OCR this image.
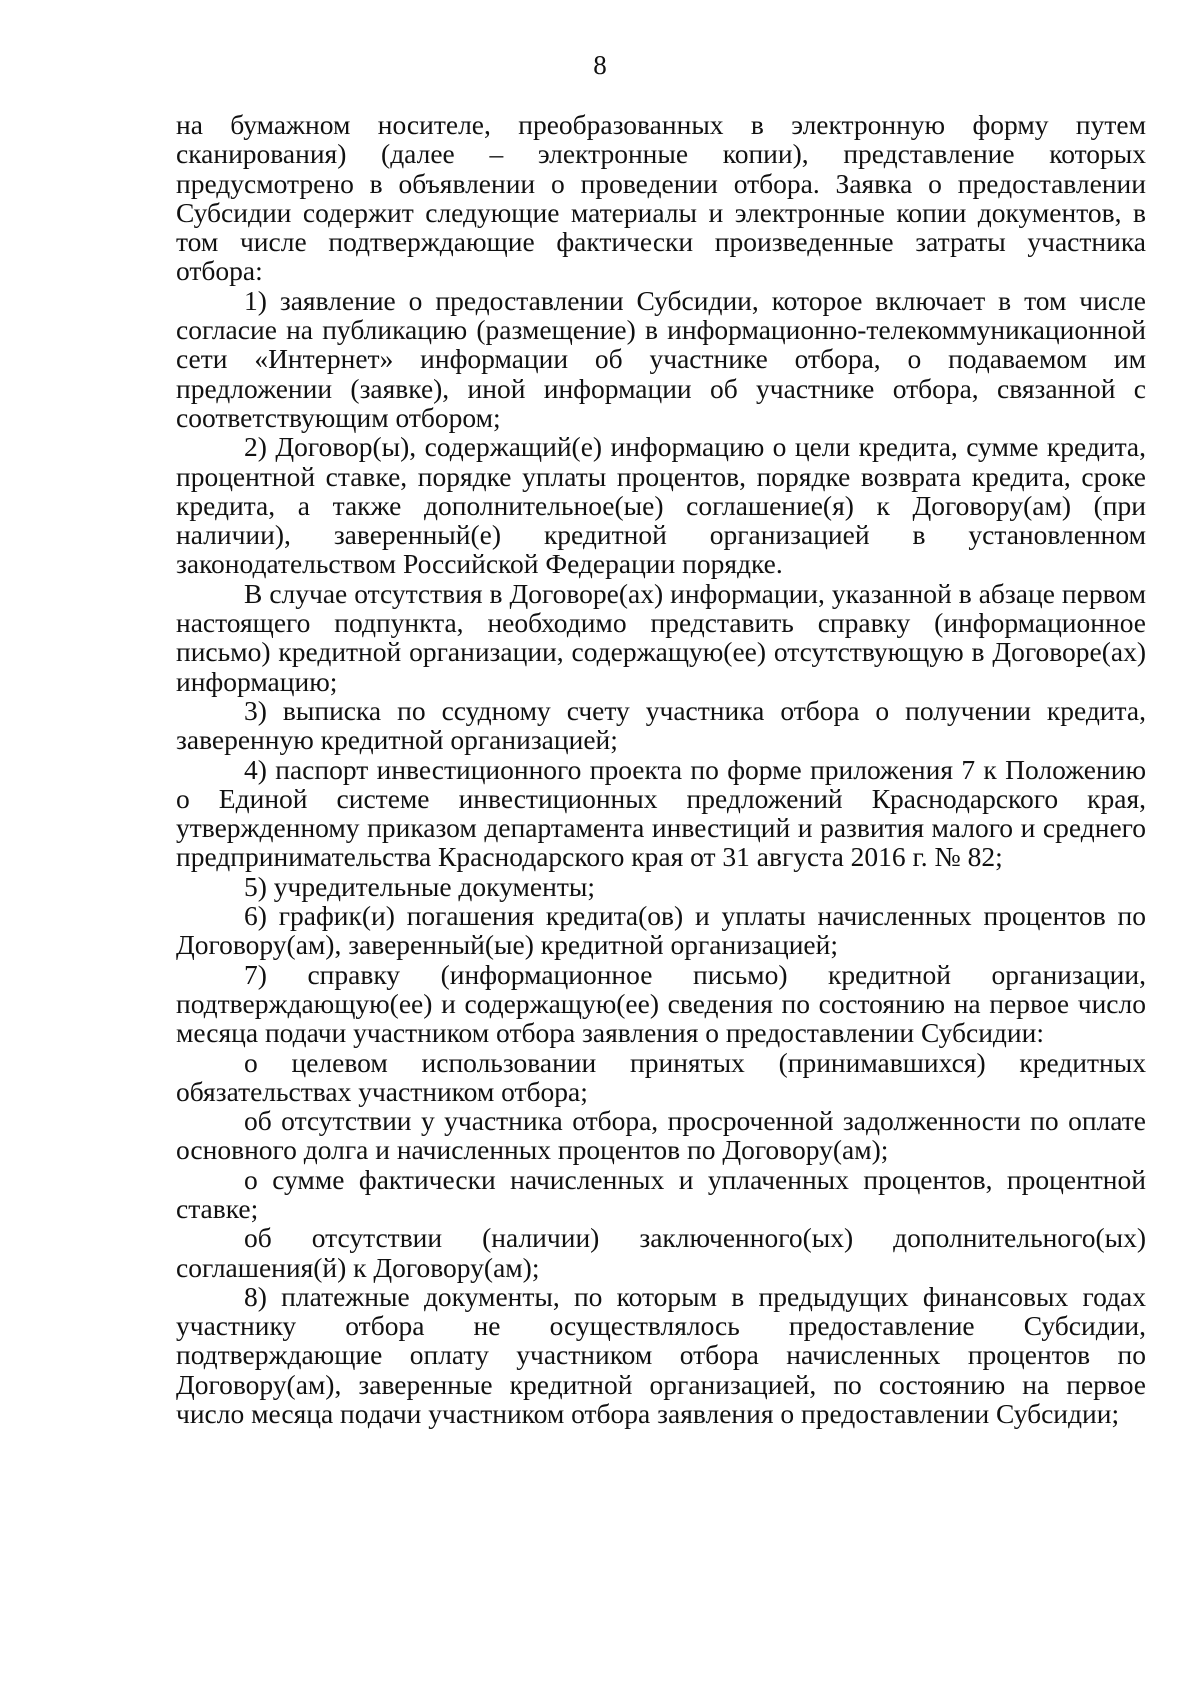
8

на бумажном носителе, преобразованных в электронную форму путем сканирования) (далее – электронные копии), представление которых предусмотрено в объявлении о проведении отбора. Заявка о предоставлении Субсидии содержит следующие материалы и электронные копии документов, в том числе подтверждающие фактически произведенные затраты участника отбора:

1) заявление о предоставлении Субсидии, которое включает в том числе согласие на публикацию (размещение) в информационно-телекоммуникационной сети «Интернет» информации об участнике отбора, о подаваемом им предложении (заявке), иной информации об участнике отбора, связанной с соответствующим отбором;

2) Договор(ы), содержащий(е) информацию о цели кредита, сумме кредита, процентной ставке, порядке уплаты процентов, порядке возврата кредита, сроке кредита, а также дополнительное(ые) соглашение(я) к Договору(ам) (при наличии), заверенный(е) кредитной организацией в установленном законодательством Российской Федерации порядке.

В случае отсутствия в Договоре(ах) информации, указанной в абзаце первом настоящего подпункта, необходимо представить справку (информационное письмо) кредитной организации, содержащую(ее) отсутствующую в Договоре(ах) информацию;

3) выписка по ссудному счету участника отбора о получении кредита, заверенную кредитной организацией;

4) паспорт инвестиционного проекта по форме приложения 7 к Положению о Единой системе инвестиционных предложений Краснодарского края, утвержденному приказом департамента инвестиций и развития малого и среднего предпринимательства Краснодарского края от 31 августа 2016 г. № 82;

5) учредительные документы;

6) график(и) погашения кредита(ов) и уплаты начисленных процентов по Договору(ам), заверенный(ые) кредитной организацией;

7) справку (информационное письмо) кредитной организации, подтверждающую(ее) и содержащую(ее) сведения по состоянию на первое число месяца подачи участником отбора заявления о предоставлении Субсидии:

о целевом использовании принятых (принимавшихся) кредитных обязательствах участником отбора;

об отсутствии у участника отбора, просроченной задолженности по оплате основного долга и начисленных процентов по Договору(ам);

о сумме фактически начисленных и уплаченных процентов, процентной ставке;

об отсутствии (наличии) заключенного(ых) дополнительного(ых) соглашения(й) к Договору(ам);

8) платежные документы, по которым в предыдущих финансовых годах участнику отбора не осуществлялось предоставление Субсидии, подтверждающие оплату участником отбора начисленных процентов по Договору(ам), заверенные кредитной организацией, по состоянию на первое число месяца подачи участником отбора заявления о предоставлении Субсидии;
